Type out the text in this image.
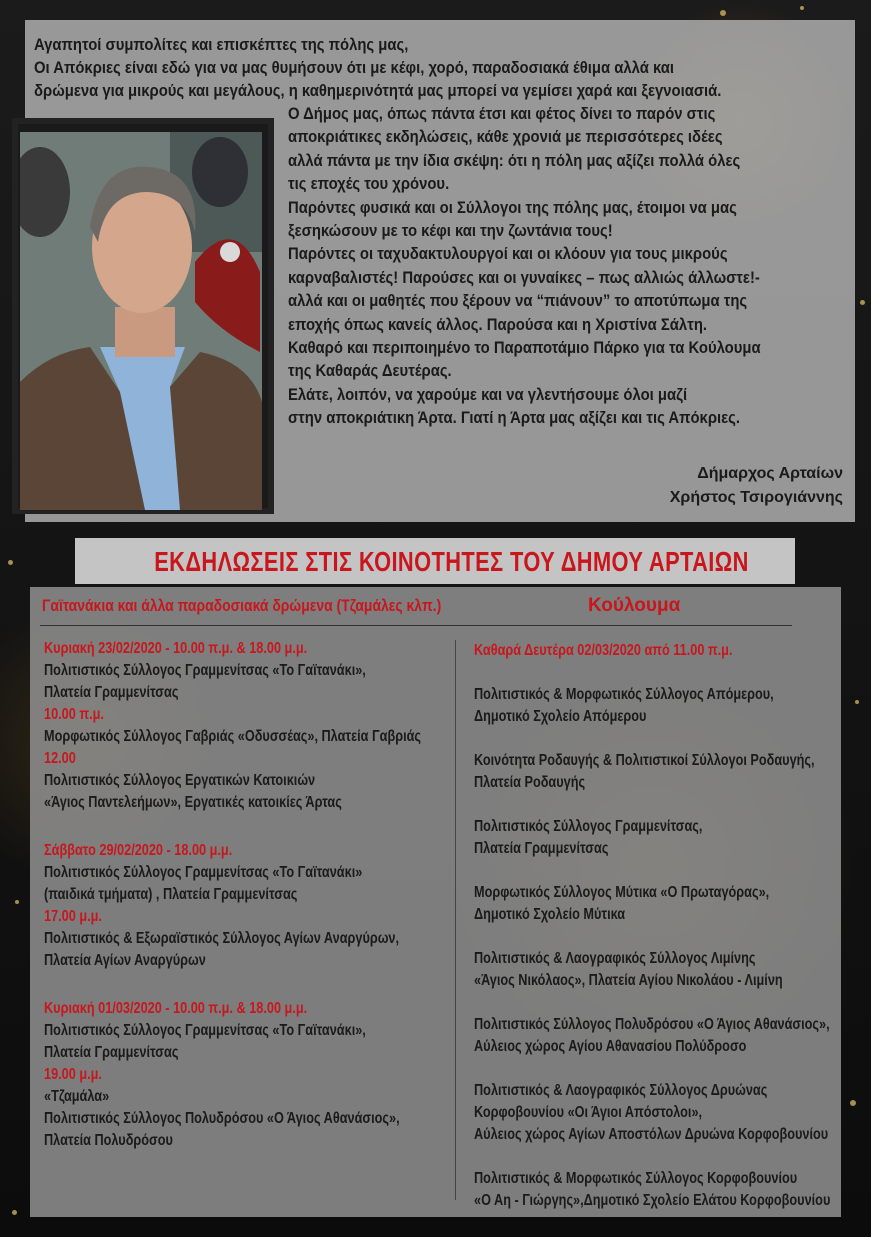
Αγαπητοί συμπολίτες και επισκέπτες της πόλης μας,
Οι Απόκριες είναι εδώ για να μας θυμήσουν ότι με κέφι, χορό, παραδοσιακά έθιμα αλλά και
δρώμενα για μικρούς και μεγάλους, η καθημερινότητά μας μπορεί να γεμίσει χαρά και ξεγνοιασιά.
Ο Δήμος μας, όπως πάντα έτσι και φέτος δίνει το παρόν στις
αποκριάτικες εκδηλώσεις, κάθε χρονιά με περισσότερες ιδέες
αλλά πάντα με την ίδια σκέψη: ότι η πόλη μας αξίζει πολλά όλες
τις εποχές του χρόνου.
Παρόντες φυσικά και οι Σύλλογοι της πόλης μας, έτοιμοι να μας
ξεσηκώσουν με το κέφι και την ζωντάνια τους!
Παρόντες οι ταχυδακτυλουργοί και οι κλόουν για τους μικρούς
καρναβαλιστές! Παρούσες και οι γυναίκες – πως αλλιώς άλλωστε!-
αλλά και οι μαθητές που ξέρουν να “πιάνουν” το αποτύπωμα της
εποχής όπως κανείς άλλος. Παρούσα και η Χριστίνα Σάλτη.
Καθαρό και περιποιημένο το Παραποτάμιο Πάρκο για τα Κούλουμα
της Καθαράς Δευτέρας.
Ελάτε, λοιπόν, να χαρούμε και να γλεντήσουμε όλοι μαζί
στην αποκριάτικη Άρτα. Γιατί η Άρτα μας αξίζει και τις Απόκριες.
Δήμαρχος Αρταίων
Χρήστος Τσιρογιάννης
ΕΚΔΗΛΩΣΕΙΣ ΣΤΙΣ ΚΟΙΝΟΤΗΤΕΣ ΤΟΥ ΔΗΜΟΥ ΑΡΤΑΙΩΝ
Γαϊτανάκια και άλλα παραδοσιακά δρώμενα (Τζαμάλες κλπ.)	Κούλουμα
Κυριακή 23/02/2020 - 10.00 π.μ. & 18.00 μ.μ.
Πολιτιστικός Σύλλογος Γραμμενίτσας «Το Γαϊτανάκι»,
Πλατεία Γραμμενίτσας
10.00 π.μ.
Μορφωτικός Σύλλογος Γαβριάς «Οδυσσέας», Πλατεία Γαβριάς
12.00
Πολιτιστικός Σύλλογος Εργατικών Κατοικιών
«Άγιος Παντελεήμων», Εργατικές κατοικίες Άρτας
Σάββατο 29/02/2020 - 18.00 μ.μ.
Πολιτιστικός Σύλλογος Γραμμενίτσας «Το Γαϊτανάκι»
(παιδικά τμήματα) , Πλατεία Γραμμενίτσας
17.00 μ.μ.
Πολιτιστικός & Εξωραϊστικός Σύλλογος Αγίων Αναργύρων,
Πλατεία Αγίων Αναργύρων
Κυριακή 01/03/2020 - 10.00 π.μ. & 18.00 μ.μ.
Πολιτιστικός Σύλλογος Γραμμενίτσας «Το Γαϊτανάκι»,
Πλατεία Γραμμενίτσας
19.00 μ.μ.
«Τζαμάλα»
Πολιτιστικός Σύλλογος Πολυδρόσου «Ο Άγιος Αθανάσιος»,
Πλατεία Πολυδρόσου
Καθαρά Δευτέρα 02/03/2020 από 11.00 π.μ.
Πολιτιστικός & Μορφωτικός Σύλλογος Απόμερου,
Δημοτικό Σχολείο Απόμερου
Κοινότητα Ροδαυγής & Πολιτιστικοί Σύλλογοι Ροδαυγής,
Πλατεία Ροδαυγής
Πολιτιστικός Σύλλογος Γραμμενίτσας,
Πλατεία Γραμμενίτσας
Μορφωτικός Σύλλογος Μύτικα «Ο Πρωταγόρας»,
Δημοτικό Σχολείο Μύτικα
Πολιτιστικός & Λαογραφικός Σύλλογος Λιμίνης
«Άγιος Νικόλαος», Πλατεία Αγίου Νικολάου - Λιμίνη
Πολιτιστικός Σύλλογος Πολυδρόσου «Ο Άγιος Αθανάσιος»,
Αύλειος χώρος Αγίου Αθανασίου Πολύδροσο
Πολιτιστικός & Λαογραφικός Σύλλογος Δρυώνας
Κορφοβουνίου «Οι Άγιοι Απόστολοι»,
Αύλειος χώρος Αγίων Αποστόλων Δρυώνα Κορφοβουνίου
Πολιτιστικός & Μορφωτικός Σύλλογος Κορφοβουνίου
«Ο Αη - Γιώργης»,Δημοτικό Σχολείο Ελάτου Κορφοβουνίου
